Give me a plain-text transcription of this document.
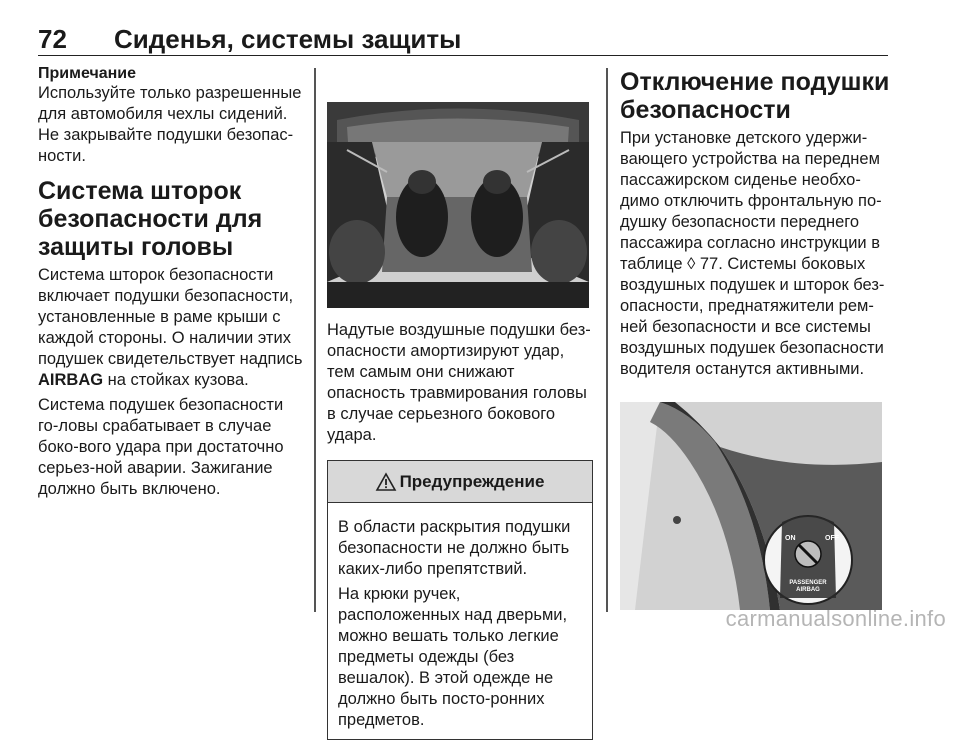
72 Сиденья, системы защиты
Примечание
Используйте только разрешенные для автомобиля чехлы сидений. Не закрывайте подушки безопас-ности.
Система шторок безопасности для защиты головы
Система шторок безопасности включает подушки безопасности, установленные в раме крыши с каждой стороны. О наличии этих подушек свидетельствует надпись AIRBAG на стойках кузова.
Система подушек безопасности го-ловы срабатывает в случае боко-вого удара при достаточно серьез-ной аварии. Зажигание должно быть включено.
Надутые воздушные подушки без-опасности амортизируют удар, тем самым они снижают опасность травмирования головы в случае серьезного бокового удара.
Предупреждение
В области раскрытия подушки безопасности не должно быть каких-либо препятствий.
На крюки ручек, расположенных над дверьми, можно вешать только легкие предметы одежды (без вешалок). В этой одежде не должно быть посто-ронних предметов.
Отключение подушки безопасности
При установке детского удержи-вающего устройства на переднем пассажирском сиденье необхо-димо отключить фронтальную по-душку безопасности переднего пассажира согласно инструкции в таблице ◊ 77. Системы боковых воздушных подушек и шторок без-опасности, преднатяжители рем-ней безопасности и все системы воздушных подушек безопасности водителя останутся активными.
ON	OFF
PASSENGER
AIRBAG
carmanualsonline.info
